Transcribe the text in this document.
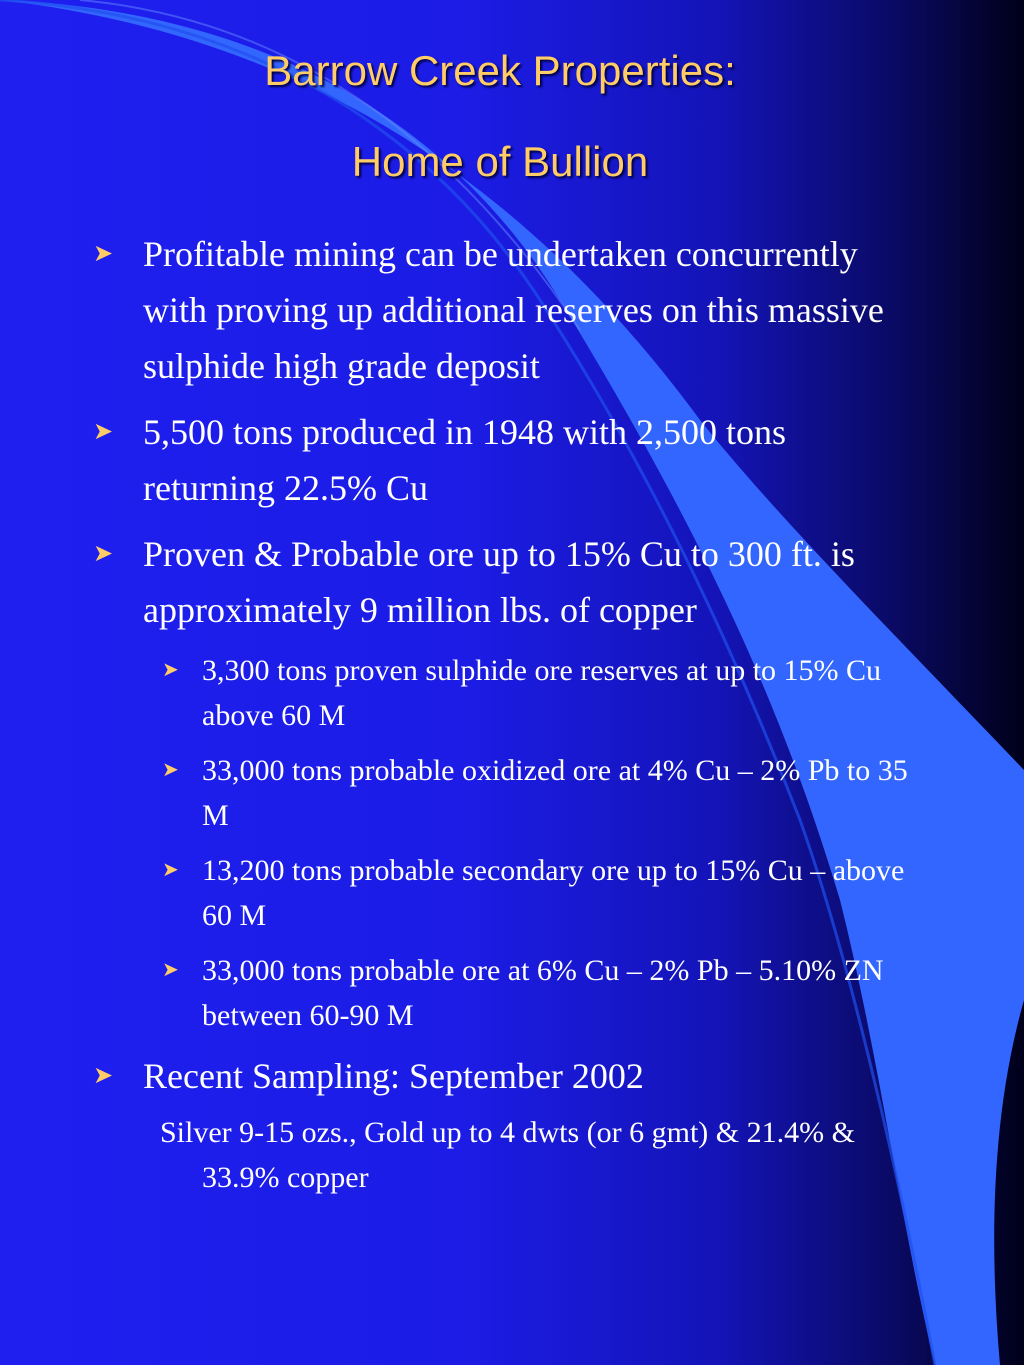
Barrow Creek Properties:
Home of Bullion
➤ Profitable mining can be undertaken concurrently with proving up additional reserves on this massive sulphide high grade deposit
➤ 5,500 tons produced in 1948 with 2,500 tons returning 22.5% Cu
➤ Proven & Probable ore up to 15% Cu to 300 ft. is approximately 9 million lbs. of copper
➤ 3,300 tons proven sulphide ore reserves at up to 15% Cu above 60 M
➤ 33,000 tons probable oxidized ore at 4% Cu – 2% Pb to 35 M
➤ 13,200 tons probable secondary ore up to 15% Cu – above 60 M
➤ 33,000 tons probable ore at 6% Cu – 2% Pb – 5.10% ZN between 60-90 M
➤ Recent Sampling: September 2002
Silver 9-15 ozs., Gold up to 4 dwts (or 6 gmt) & 21.4% & 33.9% copper
